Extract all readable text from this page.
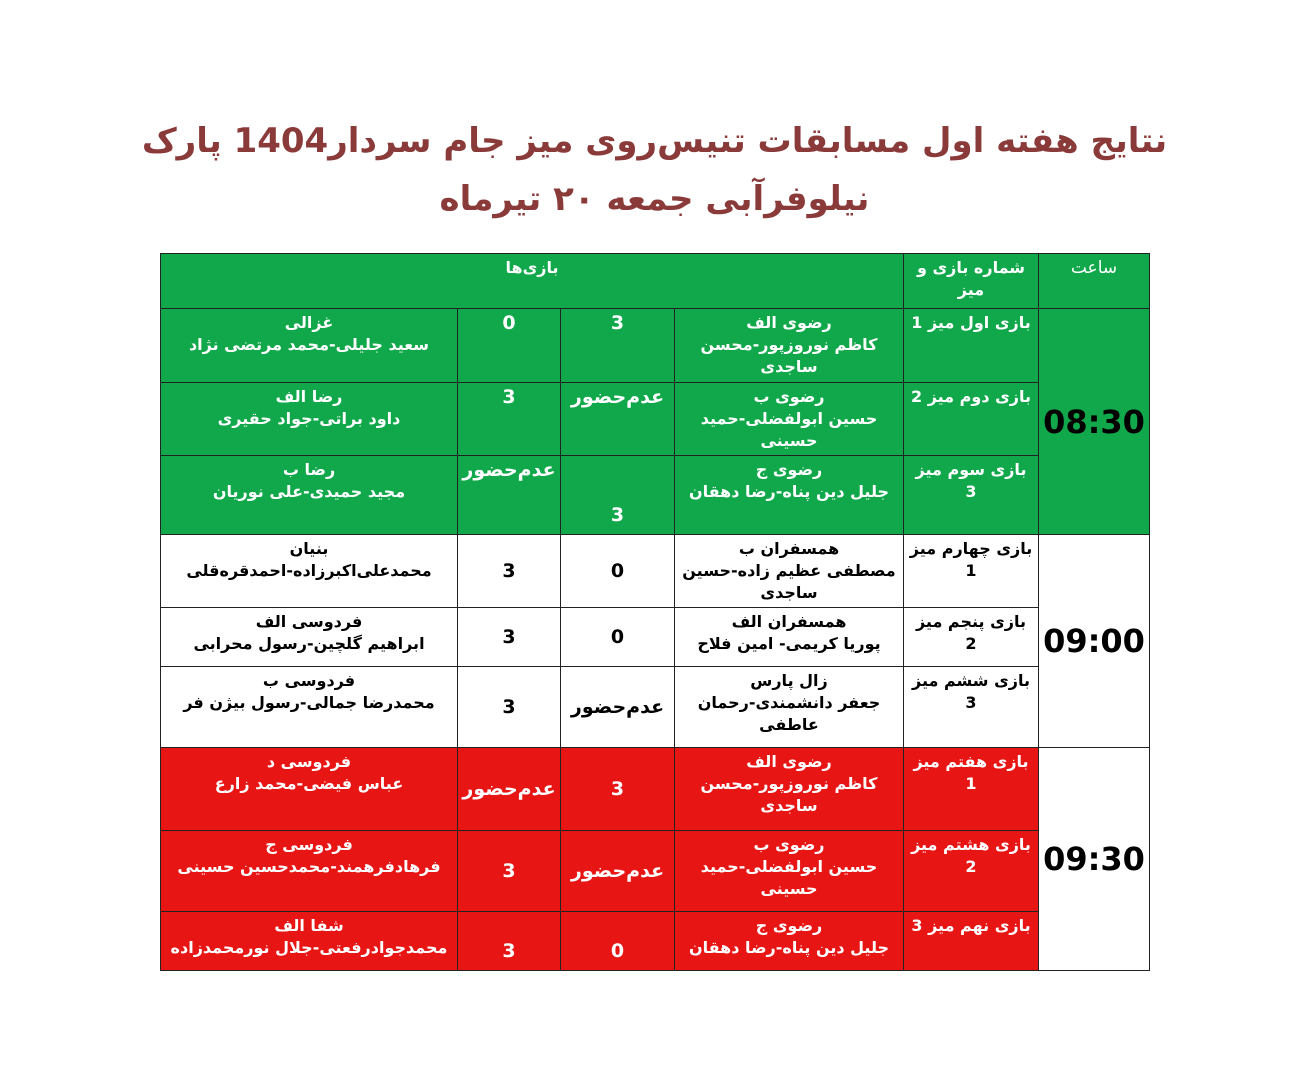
نتایج هفته اول مسابقات تنیس‌روی میز جام سردار1404 پارک
نیلوفرآبی جمعه ۲۰ تیرماه
ساعت	شماره بازی و میز	بازی‌ها			
08:30	بازی اول میز 1	رضوی الف
کاظم نوروزپور-محسن ساجدی	3	0	غزالی
سعید جلیلی-محمد مرتضی نژاد

	بازی دوم میز 2	رضوی ب
حسین ابولفضلی-حمید حسینی	عدم‌حضور	3	رضا الف
داود براتی-جواد حقیری

	بازی سوم میز 3	رضوی ج
جلیل دین پناه-رضا دهقان	3	عدم‌حضور	رضا ب
مجید حمیدی-علی نوریان

09:00	بازی چهارم میز 1	همسفران ب
مصطفی عظیم زاده-حسین ساجدی	0	3	بنیان
محمدعلی‌اکبرزاده-احمدقره‌قلی

	بازی پنجم میز 2	همسفران الف
پوریا کریمی- امین فلاح	0	3	فردوسی الف
ابراهیم گلچین-رسول محرابی

	بازی ششم میز 3	زال پارس
جعفر دانشمندی-رحمان عاطفی	عدم‌حضور	3	فردوسی ب
محمدرضا جمالی-رسول بیژن فر

09:30	بازی هفتم میز 1	رضوی الف
کاظم نوروزپور-محسن ساجدی	3	عدم‌حضور	فردوسی د
عباس فیضی-محمد زارع

	بازی هشتم میز 2	رضوی ب
حسین ابولفضلی-حمید حسینی	عدم‌حضور	3	فردوسی ج
فرهادفرهمند-محمدحسین حسینی

	بازی نهم میز 3	رضوی ج
جلیل دین پناه-رضا دهقان	0	3	شفا الف
محمدجوادرفعتی-جلال نورمحمدزاده
